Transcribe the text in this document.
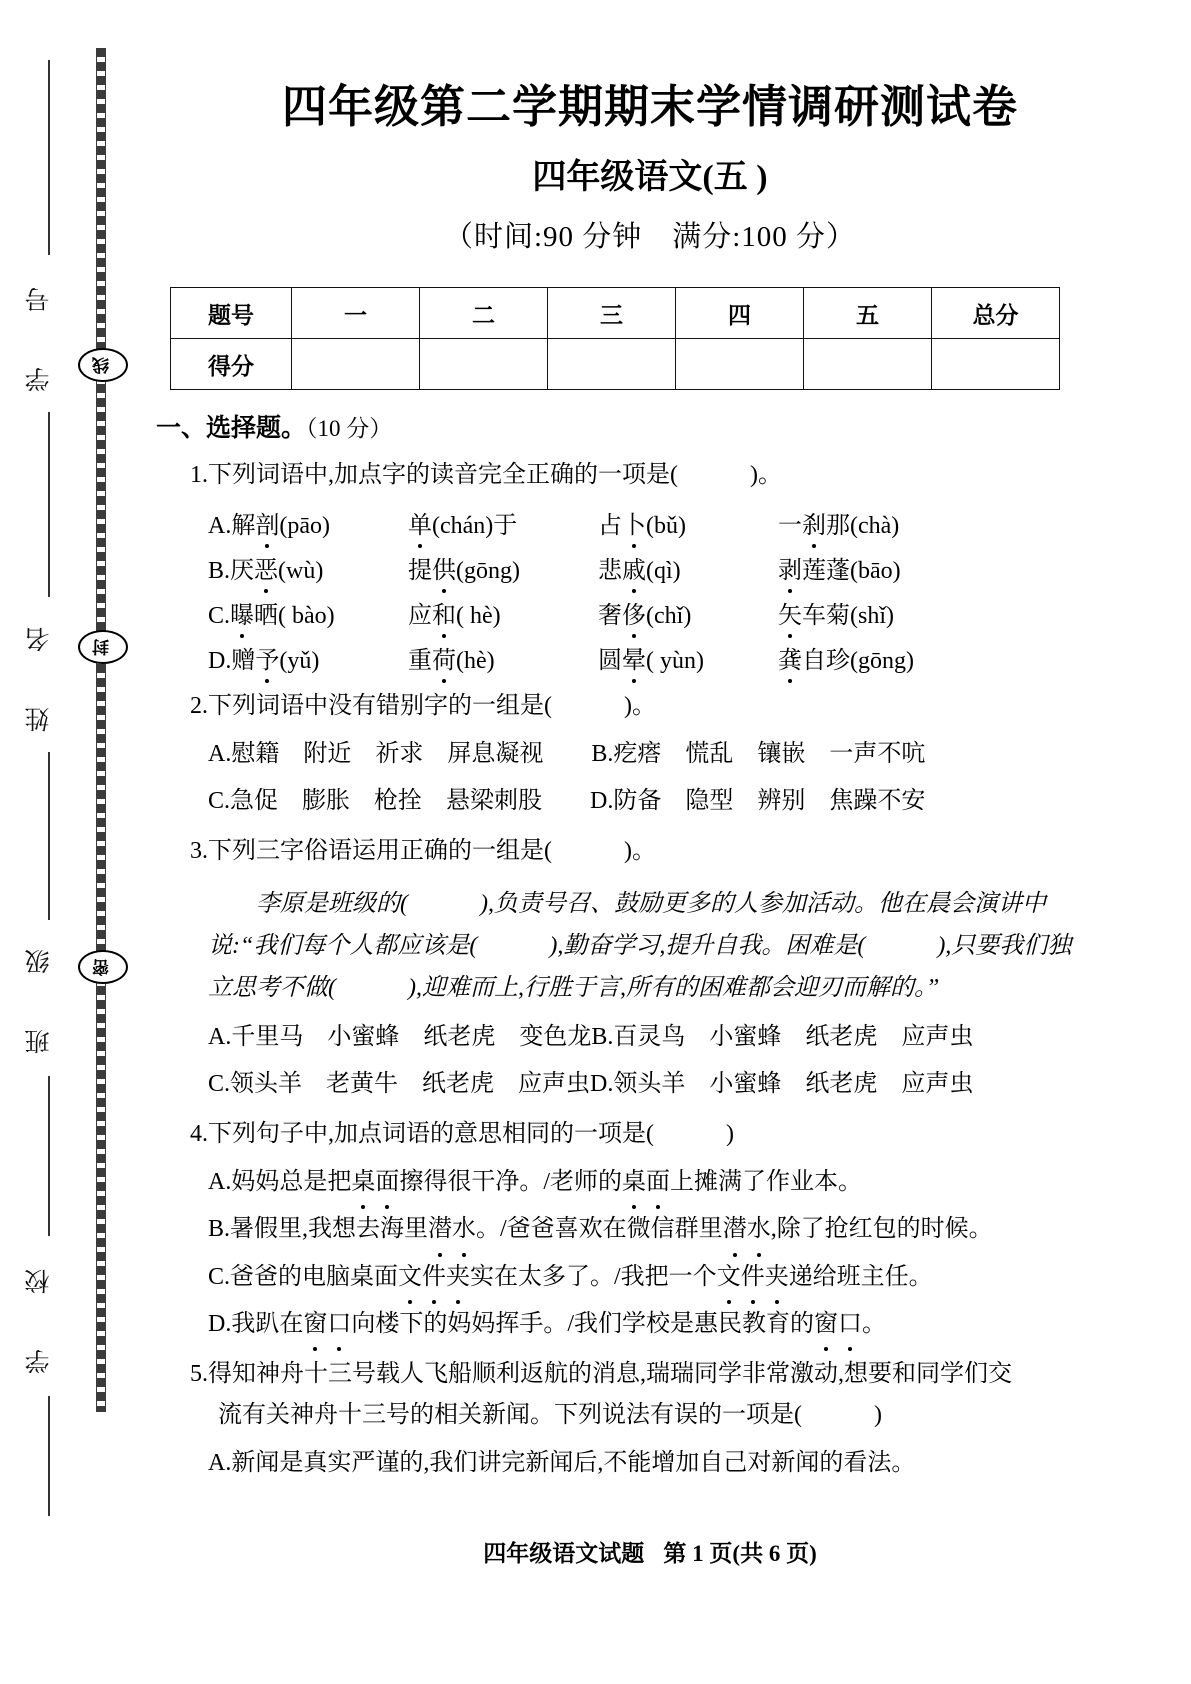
线
封
密
学 号
姓 名
班 级
学 校
四年级第二学期期末学情调研测试卷
四年级语文(五 )

（时间:90 分钟　满分:100 分）

题号	一	二	三	四	五	总分
得分						
一、选择题。（10 分）
1.下列词语中,加点字的读音完全正确的一项是(　　　)。
A.解剖(pāo)	单(chán)于	占卜(bǔ)	一刹那(chà)
B.厌恶(wù)	提供(gōng)	悲戚(qì)	剥莲蓬(bāo)
C.曝晒( bào)	应和( hè)	奢侈(chǐ)	矢车菊(shǐ)
D.赠予(yǔ)	重荷(hè)	圆晕( yùn)	龚自珍(gōng)
2.下列词语中没有错别字的一组是(　　　)。
A.慰籍　附近　祈求　屏息凝视　　B.疙瘩　慌乱　镶嵌　一声不吭
C.急促　膨胀　枪拴　悬梁刺股　　D.防备　隐型　辨别　焦躁不安
3.下列三字俗语运用正确的一组是(　　　)。
李原是班级的(　　　),负责号召、鼓励更多的人参加活动。他在晨会演讲中说:“我们每个人都应该是(　　　),勤奋学习,提升自我。困难是(　　　),只要我们独立思考不做(　　　),迎难而上,行胜于言,所有的困难都会迎刃而解的。”
A.千里马　小蜜蜂　纸老虎　变色龙B.百灵鸟　小蜜蜂　纸老虎　应声虫
C.领头羊　老黄牛　纸老虎　应声虫D.领头羊　小蜜蜂　纸老虎　应声虫
4.下列句子中,加点词语的意思相同的一项是(　　　)
A.妈妈总是把桌面擦得很干净。/老师的桌面上摊满了作业本。
B.暑假里,我想去海里潜水。/爸爸喜欢在微信群里潜水,除了抢红包的时候。
C.爸爸的电脑桌面文件夹实在太多了。/我把一个文件夹递给班主任。
D.我趴在窗口向楼下的妈妈挥手。/我们学校是惠民教育的窗口。
5.得知神舟十三号载人飞船顺利返航的消息,瑞瑞同学非常激动,想要和同学们交
流有关神舟十三号的相关新闻。下列说法有误的一项是(　　　)
A.新闻是真实严谨的,我们讲完新闻后,不能增加自己对新闻的看法。
四年级语文试题 第 1 页(共 6 页)
